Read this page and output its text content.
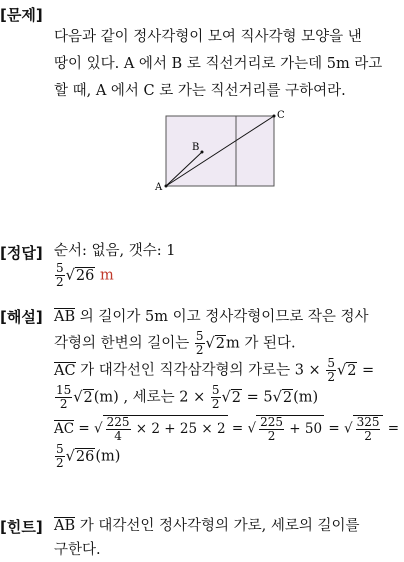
[문제]
[정답]
[해설]
[힌트]
다음과 같이 정사각형이 모여 직사각형 모양을 낸
땅이 있다. A 에서 B 로 직선거리로 가는데 5m 라고
할 때, A 에서 C 로 가는 직선거리를 구하여라.
A
B
C
순서: 없음, 갯수: 1
$\frac{5}{2} √26$ m
AB 의 길이가 5m 이고 정사각형이므로 작은 정사
각형의 한변의 길이는 $\frac{5}{2} √2m$ 가 된다.
AC 가 대각선인 직각삼각형의 가로는 $3 \times \frac{5}{2} √2$ =
$\frac{15}{2} √2(m)$ , 세로는 $2 \times \frac{5}{2} √2 = 5√2(m)$
AC = √ $\frac{225}{4} \times 2 + 25 \times 2$ = √ $\frac{225}{2} + 50$ = √ $\frac{325}{2}$ =
$\frac{5}{2} √26(m)$
AB 가 대각선인 정사각형의 가로, 세로의 길이를
구한다.
